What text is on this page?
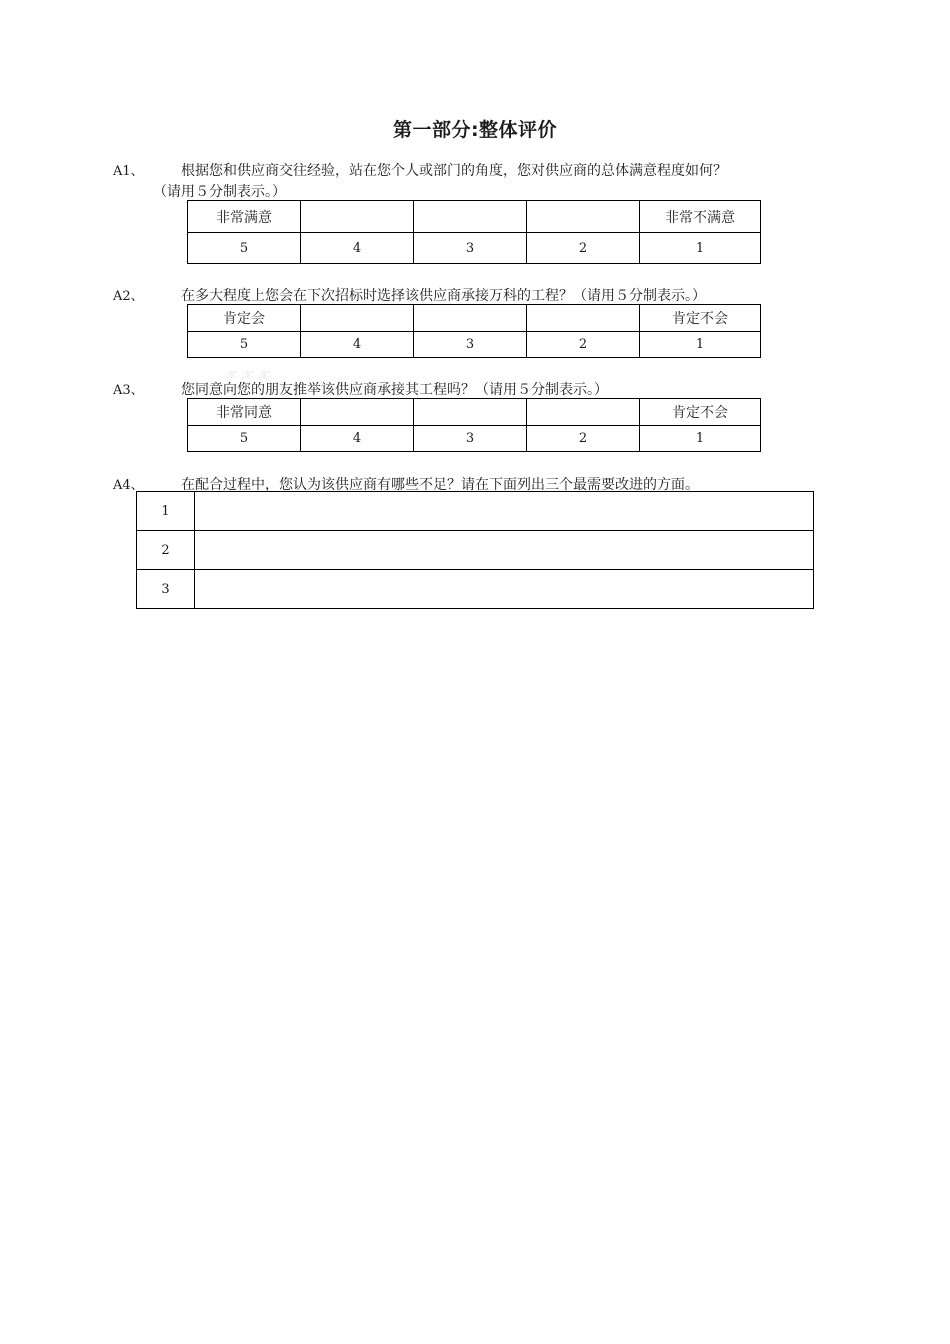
第一部分:整体评价
A1、	根据您和供应商交往经验，站在您个人或部门的角度，您对供应商的总体满意程度如何？
（请用５分制表示。）
非常满意				非常不满意
5	4	3	2	1
A2、	在多大程度上您会在下次招标时选择该供应商承接万科的工程？（请用５分制表示。）
𝔁𝔁𝔁
肯定会				肯定不会
5	4	3	2	1
A3、	您同意向您的朋友推举该供应商承接其工程吗？（请用５分制表示。）
非常同意				肯定不会
5	4	3	2	1
A4、	在配合过程中，您认为该供应商有哪些不足？请在下面列出三个最需要改进的方面。
1	
2	
3	
